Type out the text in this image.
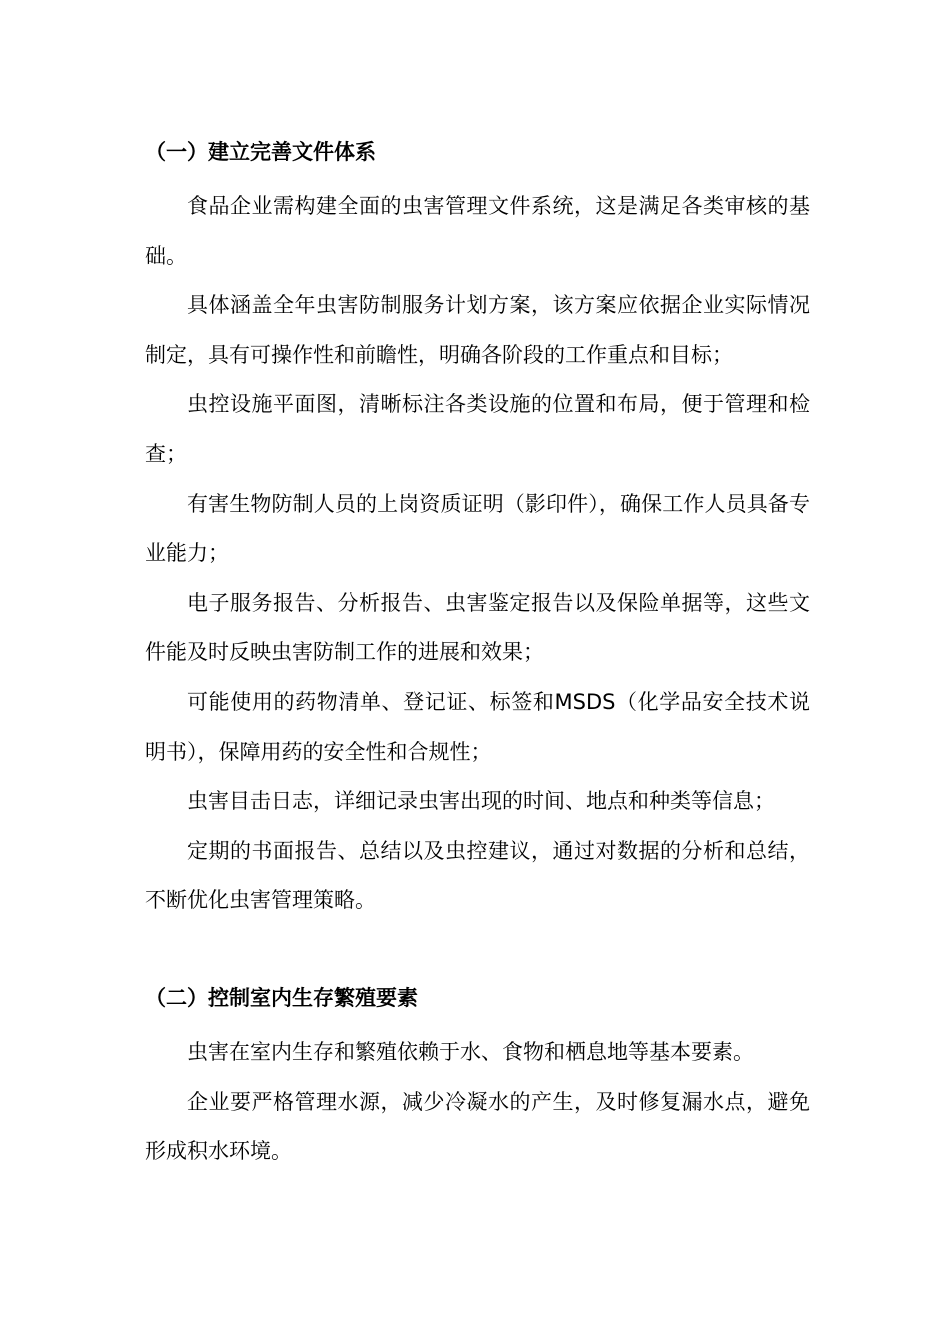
（一）建立完善文件体系

食品企业需构建全面的虫害管理文件系统，这是满足各类审核的基础。

具体涵盖全年虫害防制服务计划方案，该方案应依据企业实际情况制定，具有可操作性和前瞻性，明确各阶段的工作重点和目标；

虫控设施平面图，清晰标注各类设施的位置和布局，便于管理和检查；

有害生物防制人员的上岗资质证明（影印件），确保工作人员具备专业能力；

电子服务报告、分析报告、虫害鉴定报告以及保险单据等，这些文件能及时反映虫害防制工作的进展和效果；

可能使用的药物清单、登记证、标签和MSDS（化学品安全技术说明书），保障用药的安全性和合规性；

虫害目击日志，详细记录虫害出现的时间、地点和种类等信息；

定期的书面报告、总结以及虫控建议，通过对数据的分析和总结，不断优化虫害管理策略。

（二）控制室内生存繁殖要素

虫害在室内生存和繁殖依赖于水、食物和栖息地等基本要素。

企业要严格管理水源，减少冷凝水的产生，及时修复漏水点，避免形成积水环境。
